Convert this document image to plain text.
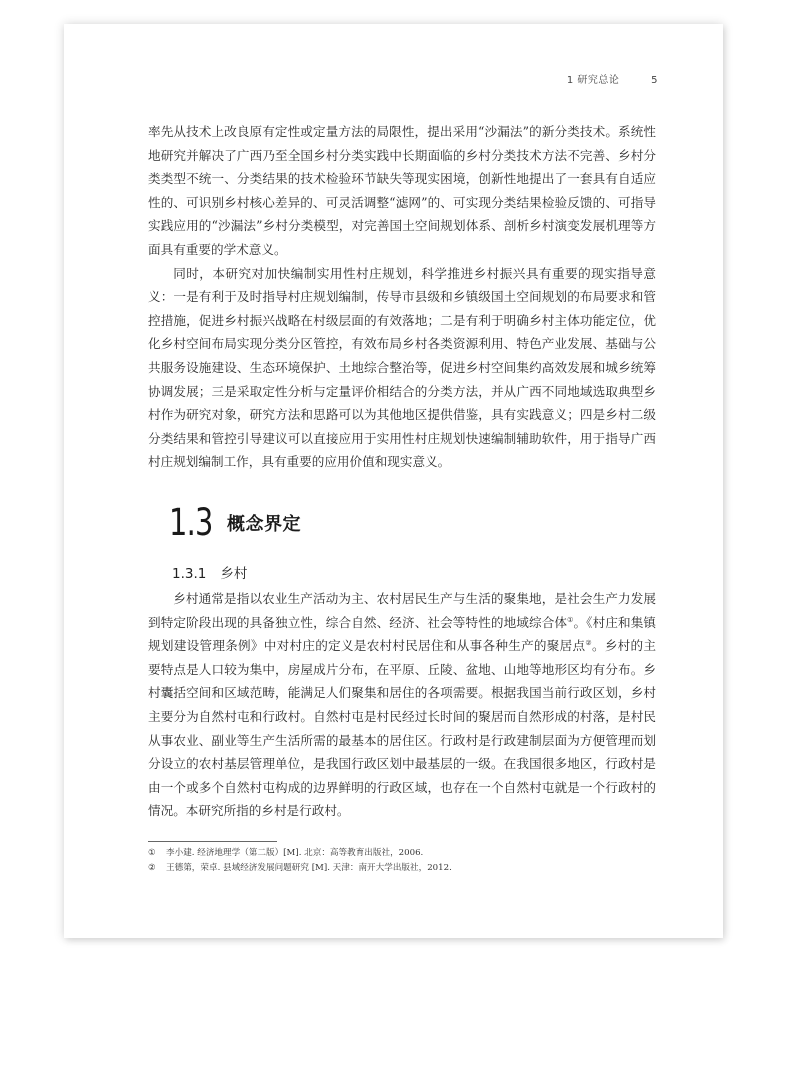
1 研究总论	5

率先从技术上改良原有定性或定量方法的局限性，提出采用“沙漏法”的新分类技术。系统性地研究并解决了广西乃至全国乡村分类实践中长期面临的乡村分类技术方法不完善、乡村分类类型不统一、分类结果的技术检验环节缺失等现实困境，创新性地提出了一套具有自适应性的、可识别乡村核心差异的、可灵活调整“滤网”的、可实现分类结果检验反馈的、可指导实践应用的“沙漏法”乡村分类模型，对完善国土空间规划体系、剖析乡村演变发展机理等方面具有重要的学术意义。

同时，本研究对加快编制实用性村庄规划，科学推进乡村振兴具有重要的现实指导意义：一是有利于及时指导村庄规划编制，传导市县级和乡镇级国土空间规划的布局要求和管控措施，促进乡村振兴战略在村级层面的有效落地；二是有利于明确乡村主体功能定位，优化乡村空间布局实现分类分区管控，有效布局乡村各类资源利用、特色产业发展、基础与公共服务设施建设、生态环境保护、土地综合整治等，促进乡村空间集约高效发展和城乡统筹协调发展；三是采取定性分析与定量评价相结合的分类方法，并从广西不同地域选取典型乡村作为研究对象，研究方法和思路可以为其他地区提供借鉴，具有实践意义；四是乡村二级分类结果和管控引导建议可以直接应用于实用性村庄规划快速编制辅助软件，用于指导广西村庄规划编制工作，具有重要的应用价值和现实意义。

1.3 概念界定
1.3.1 乡村

乡村通常是指以农业生产活动为主、农村居民生产与生活的聚集地，是社会生产力发展到特定阶段出现的具备独立性，综合自然、经济、社会等特性的地域综合体①。《村庄和集镇规划建设管理条例》中对村庄的定义是农村村民居住和从事各种生产的聚居点②。乡村的主要特点是人口较为集中，房屋成片分布，在平原、丘陵、盆地、山地等地形区均有分布。乡村囊括空间和区域范畴，能满足人们聚集和居住的各项需要。根据我国当前行政区划，乡村主要分为自然村屯和行政村。自然村屯是村民经过长时间的聚居而自然形成的村落，是村民从事农业、副业等生产生活所需的最基本的居住区。行政村是行政建制层面为方便管理而划分设立的农村基层管理单位，是我国行政区划中最基层的一级。在我国很多地区，行政村是由一个或多个自然村屯构成的边界鲜明的行政区域，也存在一个自然村屯就是一个行政村的情况。本研究所指的乡村是行政村。

① 李小建. 经济地理学（第二版）[M]. 北京：高等教育出版社，2006.
② 王德第，荣卓. 县域经济发展问题研究 [M]. 天津：南开大学出版社，2012.
